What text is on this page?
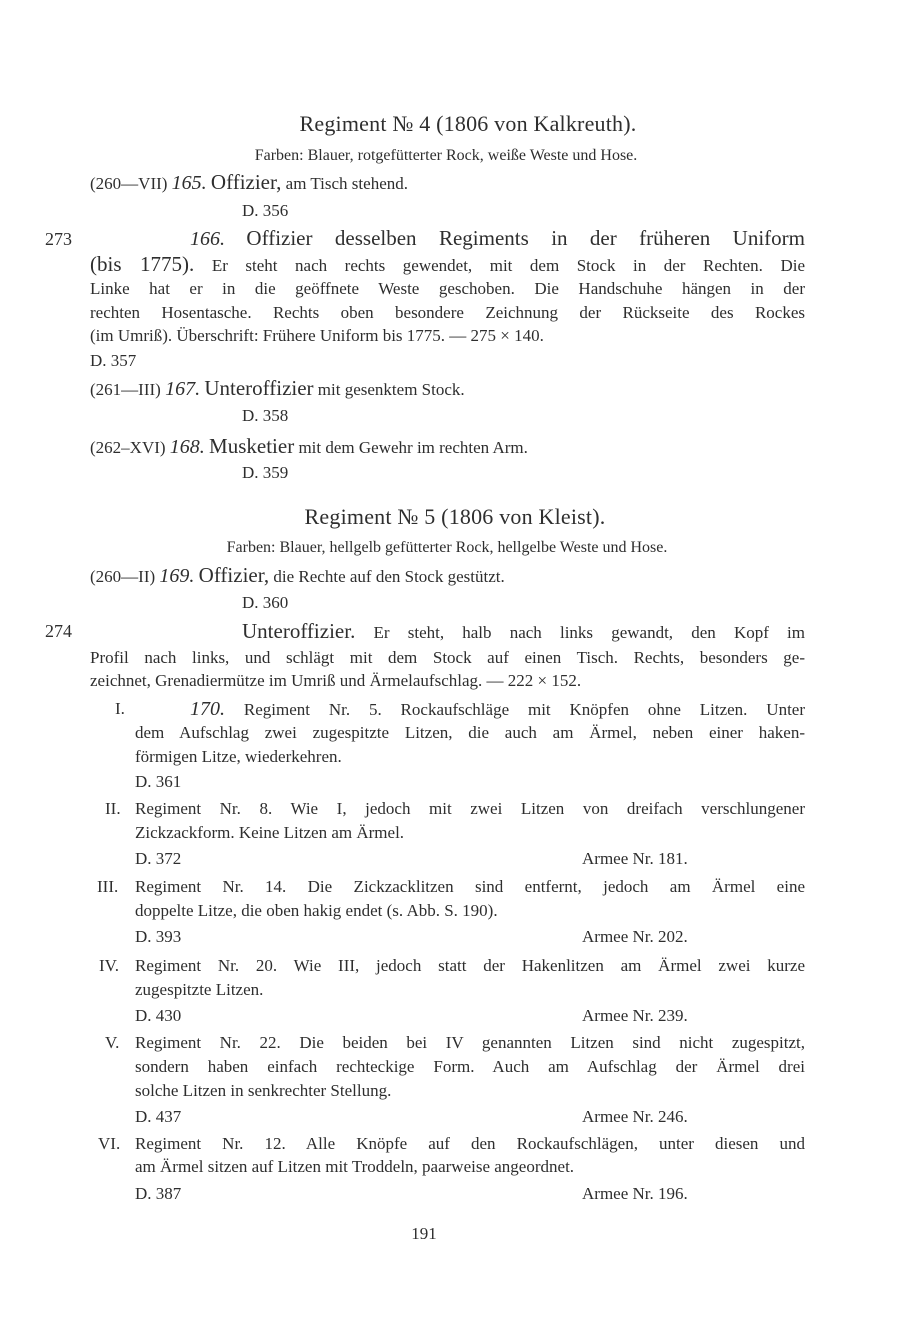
Regiment № 4 (1806 von Kalkreuth).
Farben: Blauer, rotgefütterter Rock, weiße Weste und Hose.
(260—VII) 165. Offizier, am Tisch stehend.
D. 356
273	166. Offizier desselben Regiments in der früheren Uniform
(bis 1775). Er steht nach rechts gewendet, mit dem Stock in der Rechten. Die
Linke hat er in die geöffnete Weste geschoben. Die Handschuhe hängen in der
rechten Hosentasche. Rechts oben besondere Zeichnung der Rückseite des Rockes
(im Umriß). Überschrift: Frühere Uniform bis 1775. — 275 × 140.
D. 357
(261—III) 167. Unteroffizier mit gesenktem Stock.
D. 358
(262–XVI) 168. Musketier mit dem Gewehr im rechten Arm.
D. 359
Regiment № 5 (1806 von Kleist).
Farben: Blauer, hellgelb gefütterter Rock, hellgelbe Weste und Hose.
(260—II) 169. Offizier, die Rechte auf den Stock gestützt.
D. 360
274	Unteroffizier. Er steht, halb nach links gewandt, den Kopf im
Profil nach links, und schlägt mit dem Stock auf einen Tisch. Rechts, besonders ge-
zeichnet, Grenadiermütze im Umriß und Ärmelaufschlag. — 222 × 152.
I.	170. Regiment Nr. 5. Rockaufschläge mit Knöpfen ohne Litzen. Unter
dem Aufschlag zwei zugespitzte Litzen, die auch am Ärmel, neben einer haken-
förmigen Litze, wiederkehren.
D. 361
II. Regiment Nr. 8. Wie I, jedoch mit zwei Litzen von dreifach verschlungener
Zickzackform. Keine Litzen am Ärmel.
D. 372	Armee Nr. 181.
III. Regiment Nr. 14. Die Zickzacklitzen sind entfernt, jedoch am Ärmel eine
doppelte Litze, die oben hakig endet (s. Abb. S. 190).
D. 393	Armee Nr. 202.
IV. Regiment Nr. 20. Wie III, jedoch statt der Hakenlitzen am Ärmel zwei kurze
zugespitzte Litzen.
D. 430	Armee Nr. 239.
V. Regiment Nr. 22. Die beiden bei IV genannten Litzen sind nicht zugespitzt,
sondern haben einfach rechteckige Form. Auch am Aufschlag der Ärmel drei
solche Litzen in senkrechter Stellung.
D. 437	Armee Nr. 246.
VI. Regiment Nr. 12. Alle Knöpfe auf den Rockaufschlägen, unter diesen und
am Ärmel sitzen auf Litzen mit Troddeln, paarweise angeordnet.
D. 387	Armee Nr. 196.
191
